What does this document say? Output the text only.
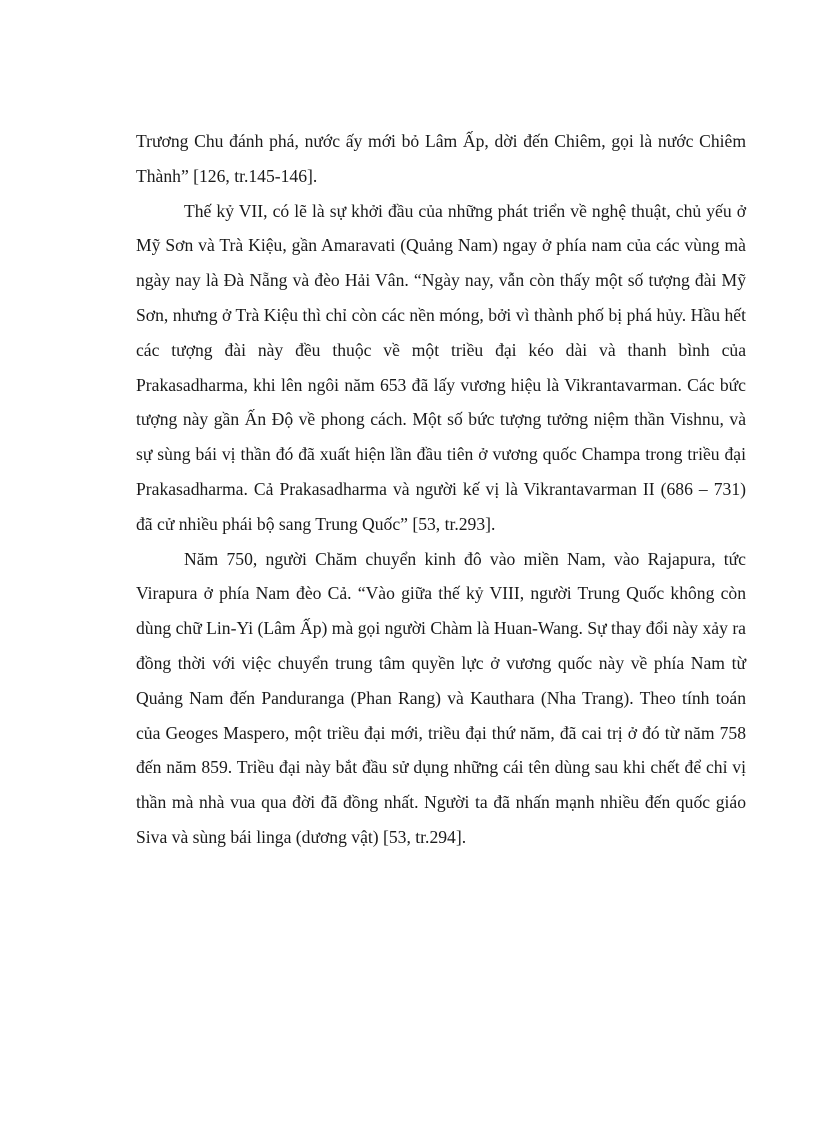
Trương Chu đánh phá, nước ấy mới bỏ Lâm Ấp, dời đến Chiêm, gọi là nước Chiêm Thành” [126, tr.145-146].

Thế kỷ VII, có lẽ là sự khởi đầu của những phát triển về nghệ thuật, chủ yếu ở Mỹ Sơn và Trà Kiệu, gần Amaravati (Quảng Nam) ngay ở phía nam của các vùng mà ngày nay là Đà Nẵng và đèo Hải Vân. “Ngày nay, vẫn còn thấy một số tượng đài Mỹ Sơn, nhưng ở Trà Kiệu thì chỉ còn các nền móng, bởi vì thành phố bị phá hủy. Hầu hết các tượng đài này đều thuộc về một triều đại kéo dài và thanh bình của Prakasadharma, khi lên ngôi năm 653 đã lấy vương hiệu là Vikrantavarman. Các bức tượng này gần Ấn Độ về phong cách. Một số bức tượng tưởng niệm thần Vishnu, và sự sùng bái vị thần đó đã xuất hiện lần đầu tiên ở vương quốc Champa trong triều đại Prakasadharma. Cả Prakasadharma và người kế vị là Vikrantavarman II (686 – 731) đã cử nhiều phái bộ sang Trung Quốc” [53, tr.293].

Năm 750, người Chăm chuyển kinh đô vào miền Nam, vào Rajapura, tức Virapura ở phía Nam đèo Cả. “Vào giữa thế kỷ VIII, người Trung Quốc không còn dùng chữ Lin-Yi (Lâm Ấp) mà gọi người Chàm là Huan-Wang. Sự thay đổi này xảy ra đồng thời với việc chuyển trung tâm quyền lực ở vương quốc này về phía Nam từ Quảng Nam đến Panduranga (Phan Rang) và Kauthara (Nha Trang). Theo tính toán của Geoges Maspero, một triều đại mới, triều đại thứ năm, đã cai trị ở đó từ năm 758 đến năm 859. Triều đại này bắt đầu sử dụng những cái tên dùng sau khi chết để chỉ vị thần mà nhà vua qua đời đã đồng nhất. Người ta đã nhấn mạnh nhiều đến quốc giáo Siva và sùng bái linga (dương vật) [53, tr.294].
